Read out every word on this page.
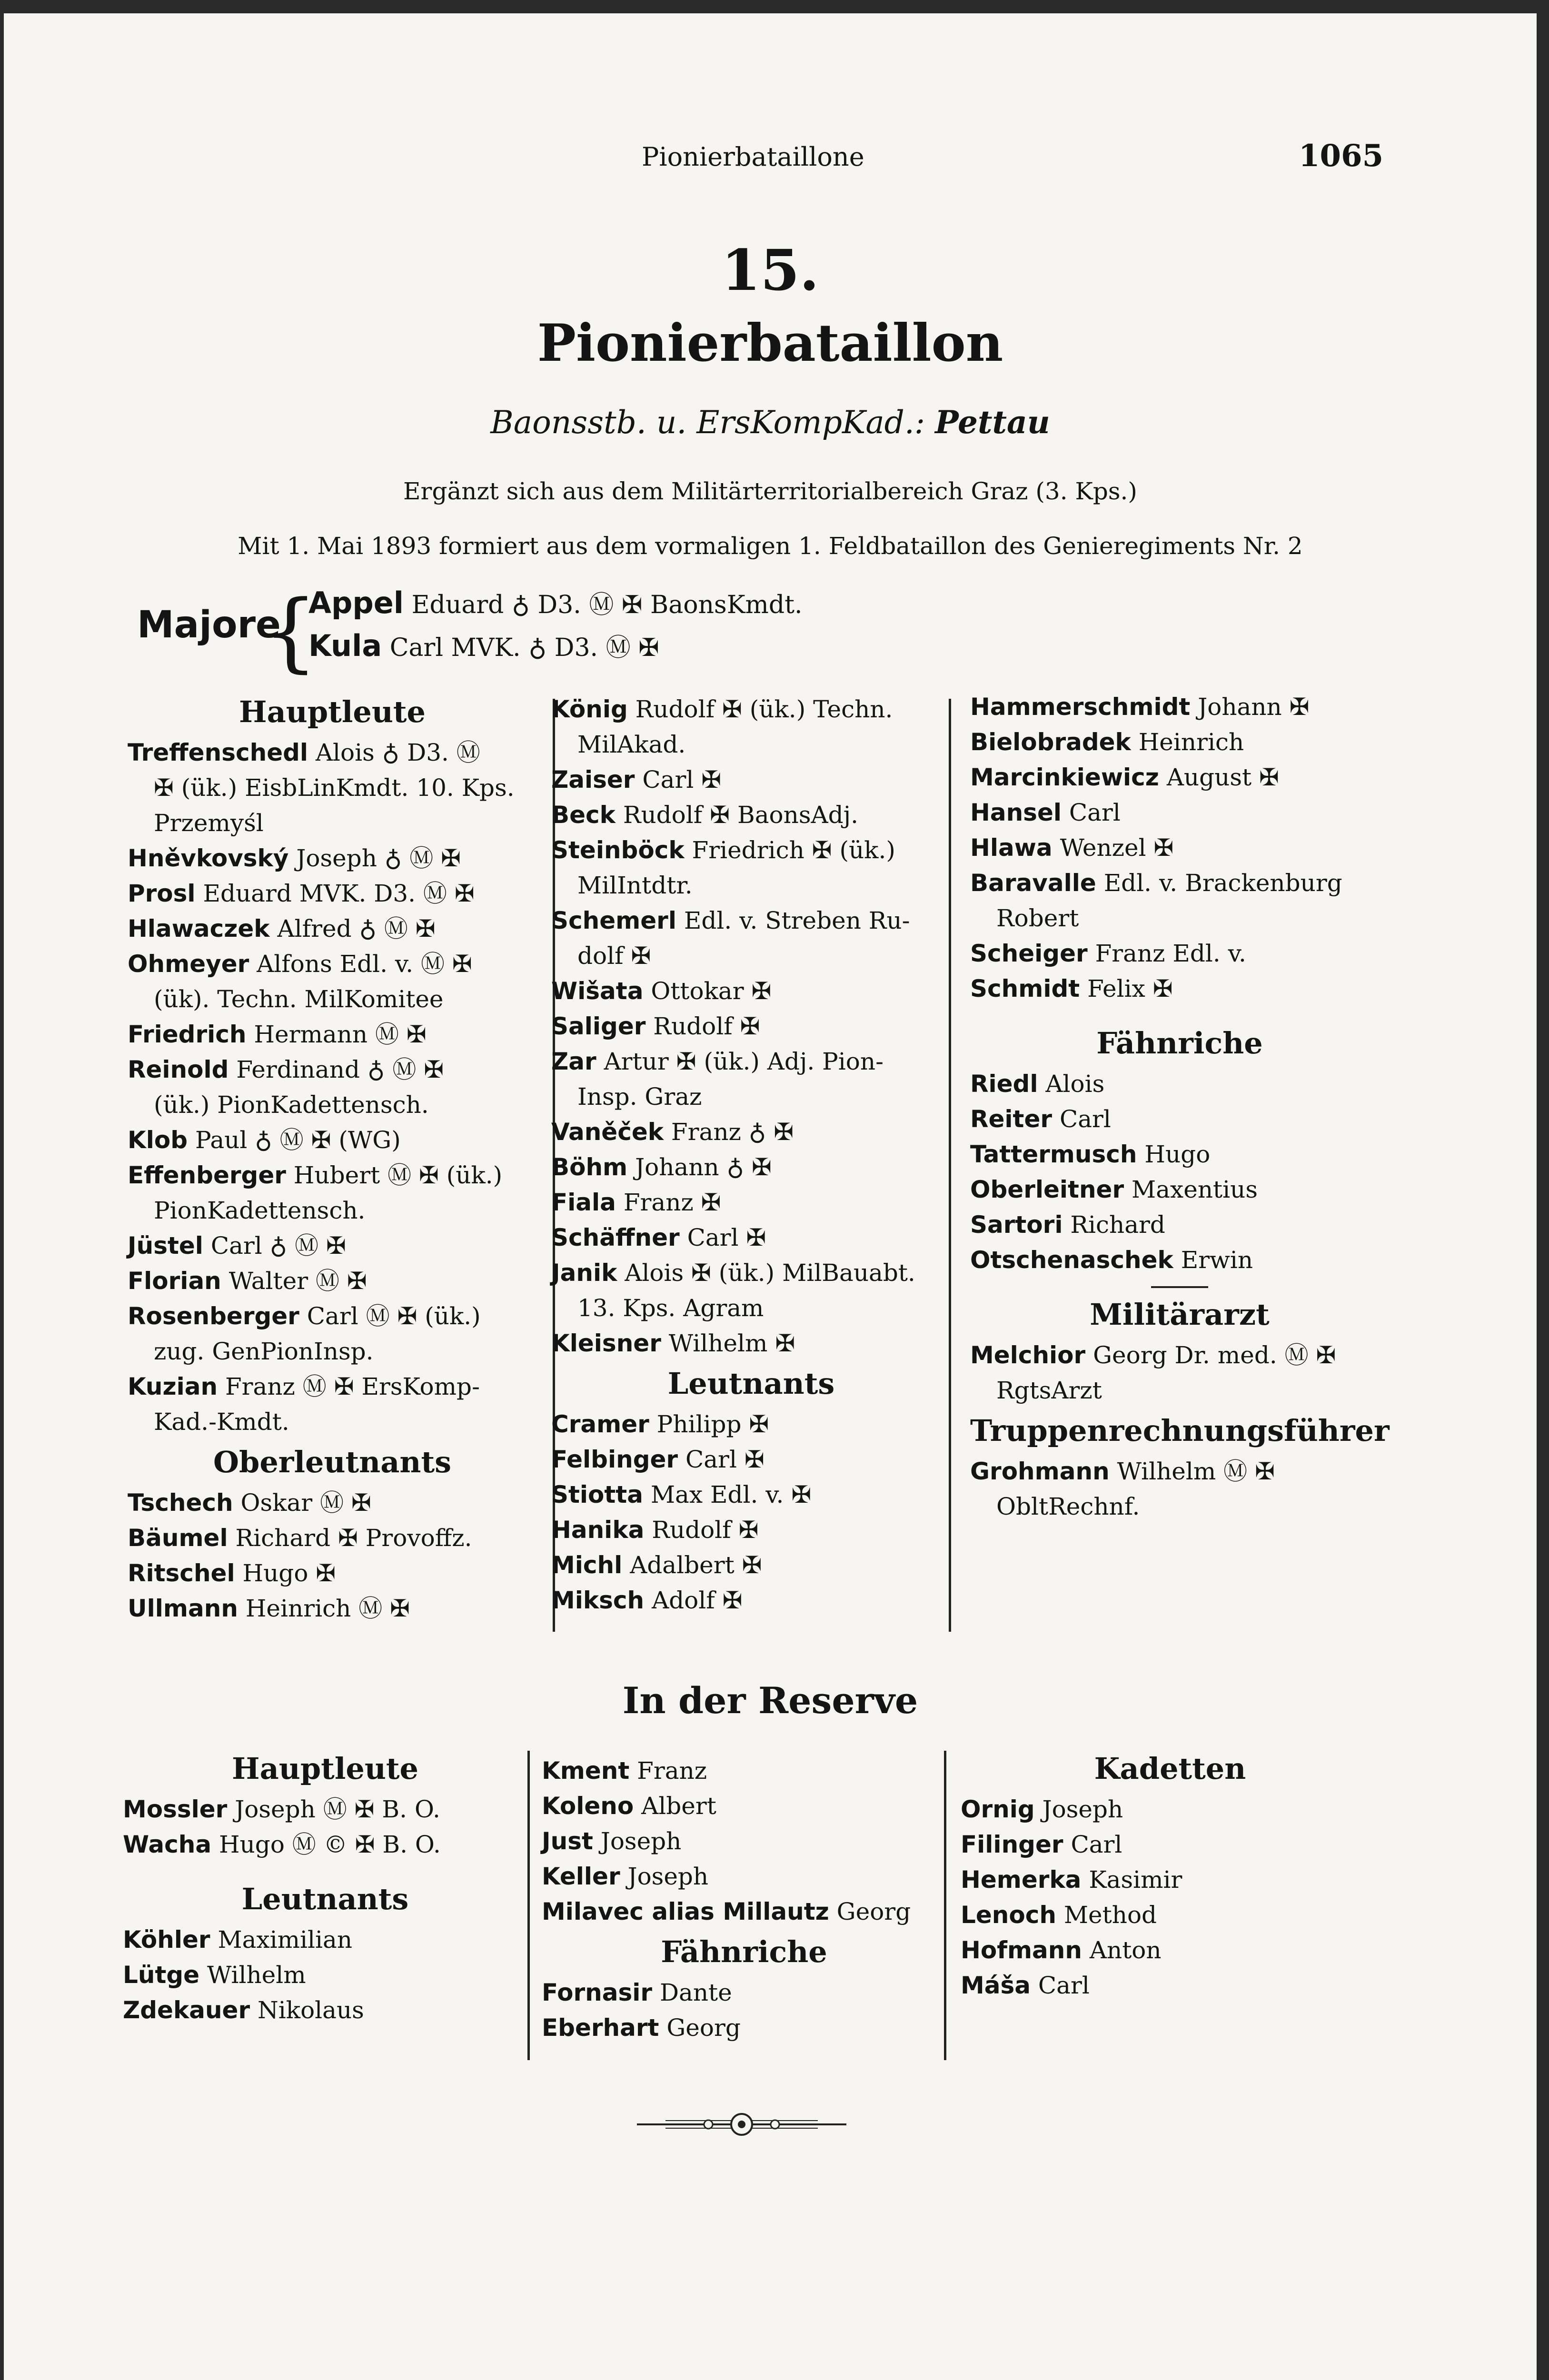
Pionierbataillone	1065
15.
Pionierbataillon
Baonsstb. u. ErsKompKad.: Pettau
Ergänzt sich aus dem Militärterritorialbereich Graz (3. Kps.)
Mit 1. Mai 1893 formiert aus dem vormaligen 1. Feldbataillon des Genieregiments Nr. 2
Majore
{
Appel Eduard ♁ D3. Ⓜ ✠ BaonsKmdt.
Kula Carl MVK. ♁ D3. Ⓜ ✠
Hauptleute
Treffenschedl Alois ♁ D3. Ⓜ
✠ (ük.) EisbLinKmdt. 10. Kps.
Przemyśl
Hněvkovský Joseph ♁ Ⓜ ✠
Prosl Eduard MVK. D3. Ⓜ ✠
Hlawaczek Alfred ♁ Ⓜ ✠
Ohmeyer Alfons Edl. v. Ⓜ ✠
(ük). Techn. MilKomitee
Friedrich Hermann Ⓜ ✠
Reinold Ferdinand ♁ Ⓜ ✠
(ük.) PionKadettensch.
Klob Paul ♁ Ⓜ ✠ (WG)
Effenberger Hubert Ⓜ ✠ (ük.)
PionKadettensch.
Jüstel Carl ♁ Ⓜ ✠
Florian Walter Ⓜ ✠
Rosenberger Carl Ⓜ ✠ (ük.)
zug. GenPionInsp.
Kuzian Franz Ⓜ ✠ ErsKomp-
Kad.-Kmdt.
Oberleutnants
Tschech Oskar Ⓜ ✠
Bäumel Richard ✠ Provoffz.
Ritschel Hugo ✠
Ullmann Heinrich Ⓜ ✠
König Rudolf ✠ (ük.) Techn.
MilAkad.
Zaiser Carl ✠
Beck Rudolf ✠ BaonsAdj.
Steinböck Friedrich ✠ (ük.)
MilIntdtr.
Schemerl Edl. v. Streben Ru-
dolf ✠
Wišata Ottokar ✠
Saliger Rudolf ✠
Zar Artur ✠ (ük.) Adj. Pion-
Insp. Graz
Vaněček Franz ♁ ✠
Böhm Johann ♁ ✠
Fiala Franz ✠
Schäffner Carl ✠
Janik Alois ✠ (ük.) MilBauabt.
13. Kps. Agram
Kleisner Wilhelm ✠
Leutnants
Cramer Philipp ✠
Felbinger Carl ✠
Stiotta Max Edl. v. ✠
Hanika Rudolf ✠
Michl Adalbert ✠
Miksch Adolf ✠
Hammerschmidt Johann ✠
Bielobradek Heinrich
Marcinkiewicz August ✠
Hansel Carl
Hlawa Wenzel ✠
Baravalle Edl. v. Brackenburg
Robert
Scheiger Franz Edl. v.
Schmidt Felix ✠
Fähnriche
Riedl Alois
Reiter Carl
Tattermusch Hugo
Oberleitner Maxentius
Sartori Richard
Otschenaschek Erwin
Militärarzt
Melchior Georg Dr. med. Ⓜ ✠
RgtsArzt
Truppenrechnungsführer
Grohmann Wilhelm Ⓜ ✠
ObltRechnf.
In der Reserve
Hauptleute
Mossler Joseph Ⓜ ✠ B. O.
Wacha Hugo Ⓜ © ✠ B. O.
Leutnants
Köhler Maximilian
Lütge Wilhelm
Zdekauer Nikolaus
Kment Franz
Koleno Albert
Just Joseph
Keller Joseph
Milavec alias Millautz Georg
Fähnriche
Fornasir Dante
Eberhart Georg
Kadetten
Ornig Joseph
Filinger Carl
Hemerka Kasimir
Lenoch Method
Hofmann Anton
Máša Carl
